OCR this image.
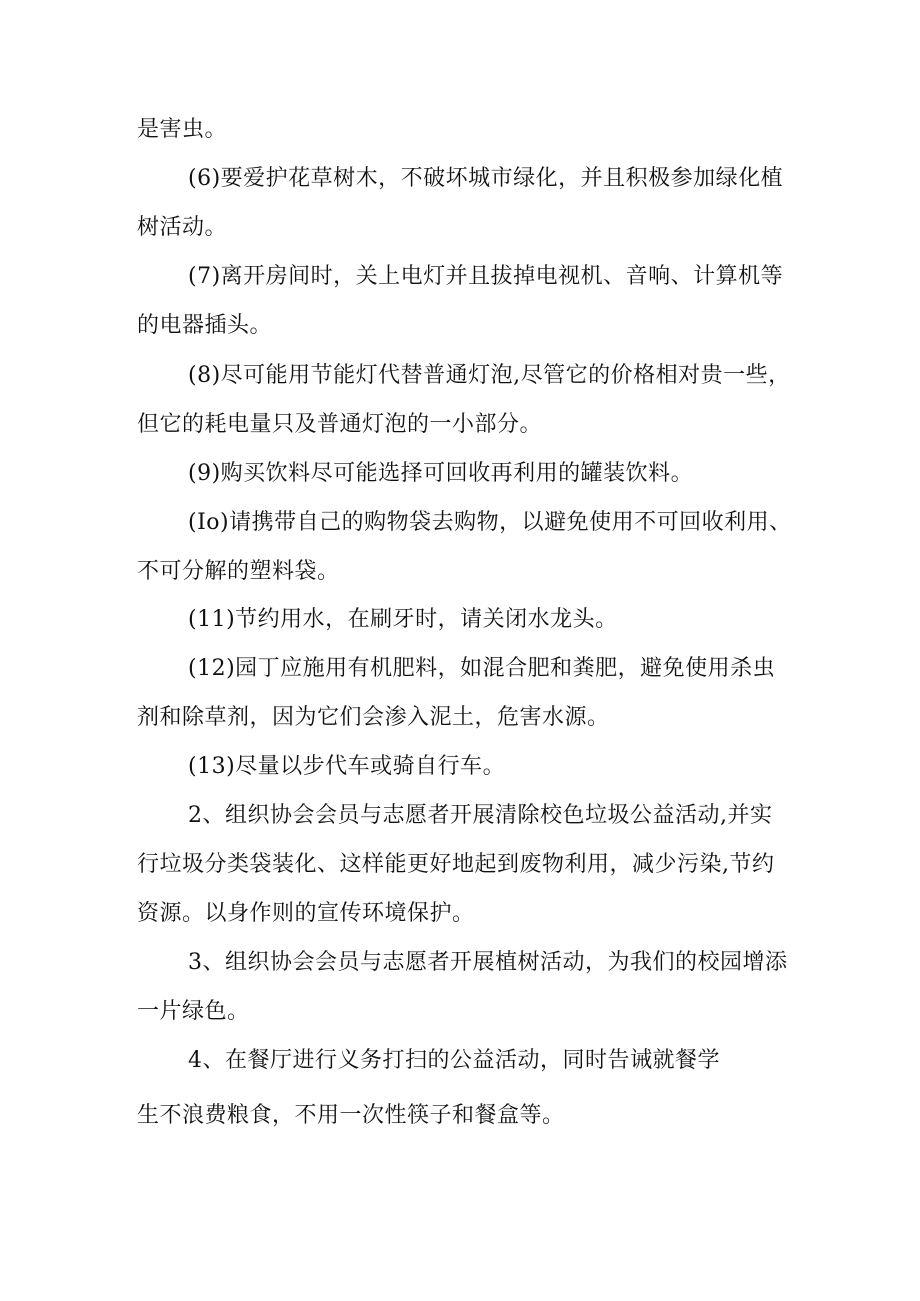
是害虫。
(6)要爱护花草树木，不破坏城市绿化，并且积极参加绿化植
树活动。
(7)离开房间时，关上电灯并且拔掉电视机、音响、计算机等
的电器插头。
(8)尽可能用节能灯代替普通灯泡,尽管它的价格相对贵一些，
但它的耗电量只及普通灯泡的一小部分。
(9)购买饮料尽可能选择可回收再利用的罐装饮料。
(Io)请携带自己的购物袋去购物，以避免使用不可回收利用、
不可分解的塑料袋。
(11)节约用水，在刷牙时，请关闭水龙头。
(12)园丁应施用有机肥料，如混合肥和粪肥，避免使用杀虫
剂和除草剂，因为它们会渗入泥土，危害水源。
(13)尽量以步代车或骑自行车。
2、组织协会会员与志愿者开展清除校色垃圾公益活动,并实
行垃圾分类袋装化、这样能更好地起到废物利用，减少污染,节约
资源。以身作则的宣传环境保护。
3、组织协会会员与志愿者开展植树活动，为我们的校园增添
一片绿色。
4、在餐厅进行义务打扫的公益活动，同时告诫就餐学
生不浪费粮食，不用一次性筷子和餐盒等。
